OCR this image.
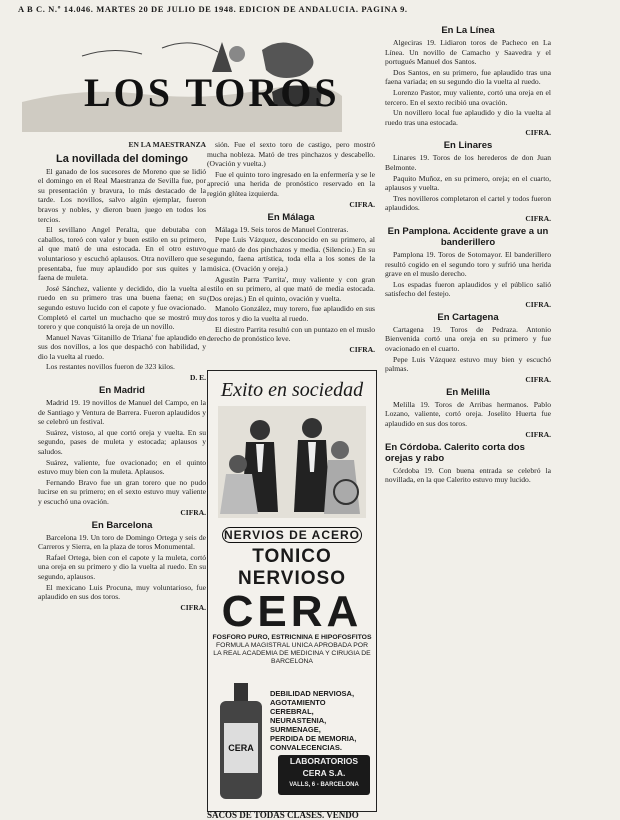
A B C. N.º 14.046. MARTES 20 DE JULIO DE 1948. EDICION DE ANDALUCIA. PAGINA 9.
LOS TOROS
EN LA MAESTRANZA
La novillada del domingo

El ganado de los sucesores de Moreno que se lidió el domingo en el Real Maestranza de Sevilla fue, por su presentación y bravura, lo más destacado de la tarde. Los novillos, salvo algún ejemplar, fueron bravos y nobles, y dieron buen juego en todos los tercios.

El sevillano Angel Peralta, que debutaba con caballos, toreó con valor y buen estilo en su primero, al que mató de una estocada. En el otro estuvo voluntarioso y escuchó aplausos. Otra novillero que se presentaba, fue muy aplaudido por sus quites y la faena de muleta.

José Sánchez, valiente y decidido, dio la vuelta al ruedo en su primero tras una buena faena; en su segundo estuvo lucido con el capote y fue ovacionado. Completó el cartel un muchacho que se mostró muy torero y que conquistó la oreja de un novillo.

Manuel Navas 'Gitanillo de Triana' fue aplaudido en sus dos novillos, a los que despachó con habilidad, y dio la vuelta al ruedo.

Los restantes novillos fueron de 323 kilos.

D. E.
En Madrid

Madrid 19. 19 novillos de Manuel del Campo, en la de Santiago y Ventura de Barrera. Fueron aplaudidos y se celebró un festival.

Suárez, vistoso, al que cortó oreja y vuelta. En su segundo, pases de muleta y estocada; aplausos y saludos.

Suárez, valiente, fue ovacionado; en el quinto estuvo muy bien con la muleta. Aplausos.

Fernando Bravo fue un gran torero que no pudo lucirse en su primero; en el sexto estuvo muy valiente y escuchó una ovación.

CIFRA.
En Barcelona

Barcelona 19. Un toro de Domingo Ortega y seis de Carreros y Sierra, en la plaza de toros Monumental.

Rafael Ortega, bien con el capote y la muleta, cortó una oreja en su primero y dio la vuelta al ruedo. En su segundo, aplausos.

El mexicano Luis Procuna, muy voluntarioso, fue aplaudido en sus dos toros.

CIFRA.

sión. Fue el sexto toro de castigo, pero mostró mucha nobleza. Mató de tres pinchazos y descabello. (Ovación y vuelta.)

Fue el quinto toro ingresado en la enfermería y se le apreció una herida de pronóstico reservado en la región glútea izquierda.

CIFRA.
En Málaga

Málaga 19. Seis toros de Manuel Contreras.

Pepe Luis Vázquez, desconocido en su primero, al que mató de dos pinchazos y media. (Silencio.) En su segundo, faena artística, toda ella a los sones de la música. (Ovación y oreja.)

Agustín Parra 'Parrita', muy valiente y con gran estilo en su primero, al que mató de media estocada. (Dos orejas.) En el quinto, ovación y vuelta.

Manolo González, muy torero, fue aplaudido en sus dos toros y dio la vuelta al ruedo.

El diestro Parrita resultó con un puntazo en el muslo derecho de pronóstico leve.

CIFRA.
Exito en sociedad
NERVIOS DE ACERO
TONICO NERVIOSO
CERA
FOSFORO PURO, ESTRICNINA E HIPOFOSFITOS
FORMULA MAGISTRAL UNICA APROBADA POR LA REAL ACADEMIA DE MEDICINA Y CIRUGIA DE BARCELONA
CERA
DEBILIDAD NERVIOSA,
AGOTAMIENTO CEREBRAL,
NEURASTENIA, SURMENAGE,
PERDIDA DE MEMORIA,
CONVALECENCIAS.
LABORATORIOS
CERA S.A.
VALLS, 6 - BARCELONA
SACOS DE TODAS CLASES. VENDO
En La Línea

Algeciras 19. Lidiaron toros de Pacheco en La Línea. Un novillo de Camacho y Saavedra y el portugués Manuel dos Santos.

Dos Santos, en su primero, fue aplaudido tras una faena variada; en su segundo dio la vuelta al ruedo.

Lorenzo Pastor, muy valiente, cortó una oreja en el tercero. En el sexto recibió una ovación.

Un novillero local fue aplaudido y dio la vuelta al ruedo tras una estocada.

CIFRA.
En Linares

Linares 19. Toros de los herederos de don Juan Belmonte.

Paquito Muñoz, en su primero, oreja; en el cuarto, aplausos y vuelta.

Tres novilleros completaron el cartel y todos fueron aplaudidos.

CIFRA.
En Pamplona. Accidente grave a un banderillero

Pamplona 19. Toros de Sotomayor. El banderillero resultó cogido en el segundo toro y sufrió una herida grave en el muslo derecho.

Los espadas fueron aplaudidos y el público salió satisfecho del festejo.

CIFRA.
En Cartagena

Cartagena 19. Toros de Pedraza. Antonio Bienvenida cortó una oreja en su primero y fue ovacionado en el cuarto.

Pepe Luis Vázquez estuvo muy bien y escuchó palmas.

CIFRA.
En Melilla

Melilla 19. Toros de Arribas hermanos. Pablo Lozano, valiente, cortó oreja. Joselito Huerta fue aplaudido en sus dos toros.

CIFRA.
En Córdoba. Calerito corta dos orejas y rabo

Córdoba 19. Con buena entrada se celebró la novillada, en la que Calerito estuvo muy lucido.
